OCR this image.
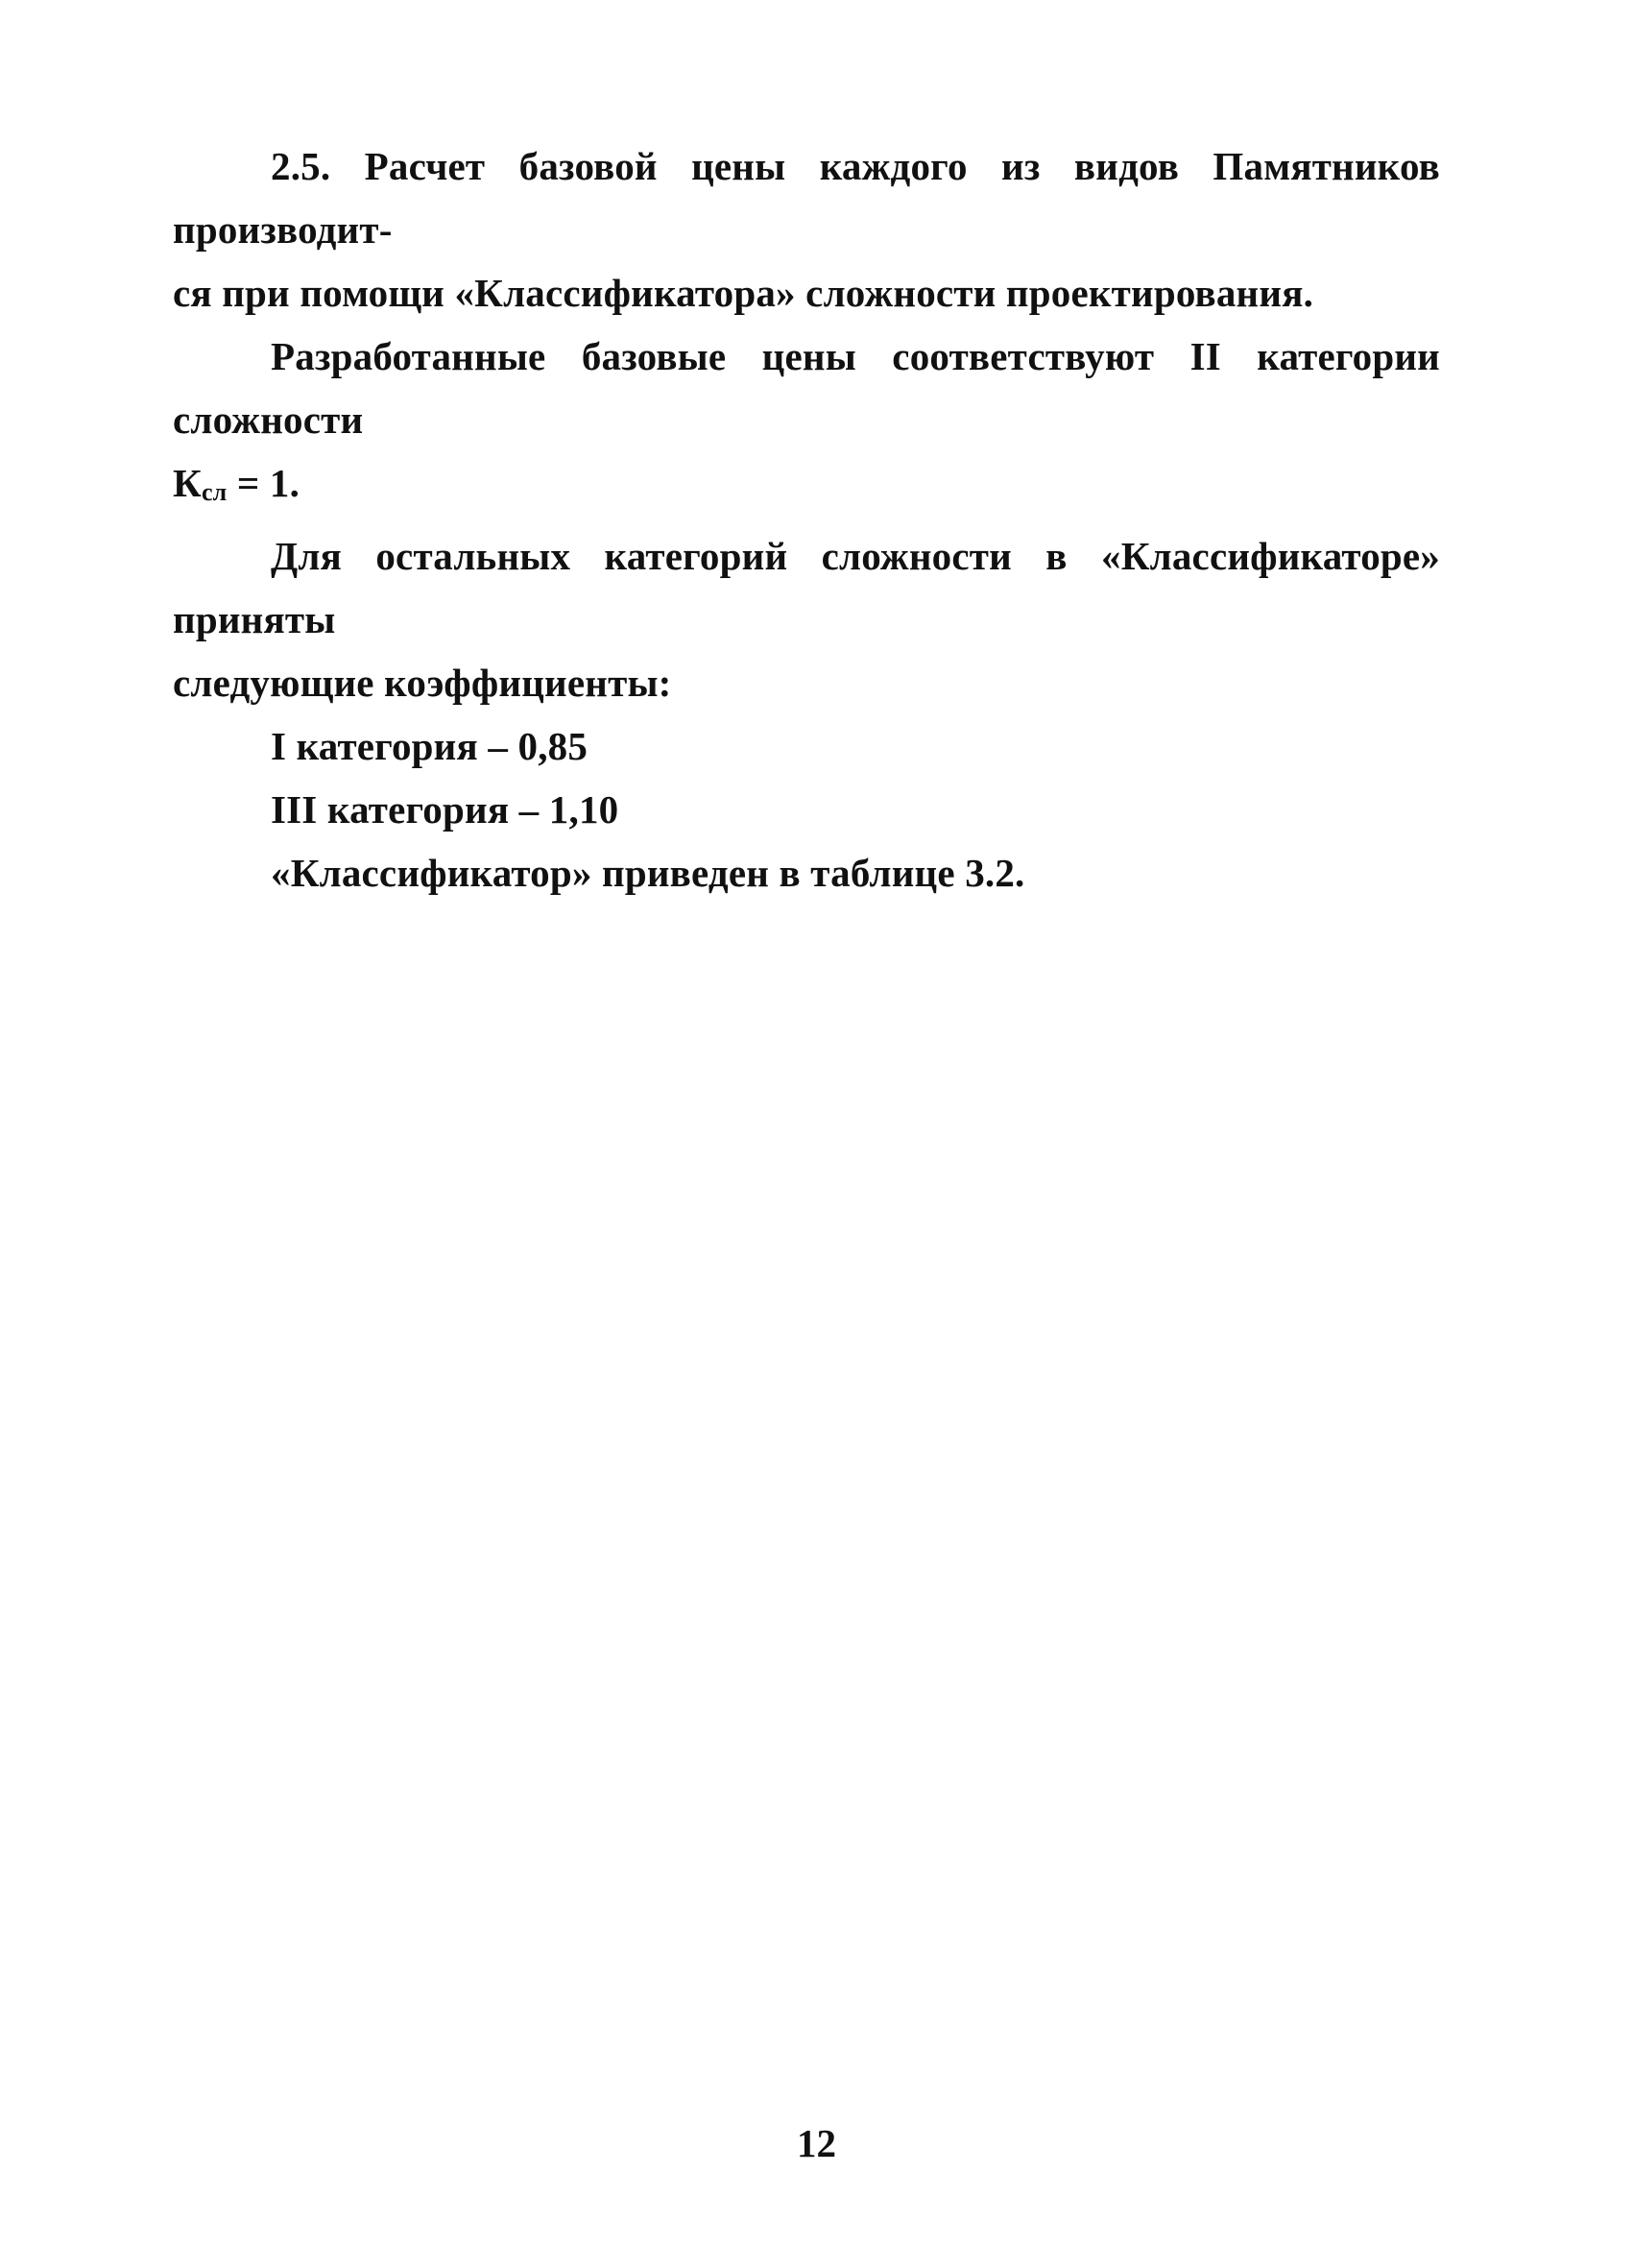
2.5. Расчет базовой цены каждого из видов Памятников производит-

ся при помощи «Классификатора» сложности проектирования.

Разработанные базовые цены соответствуют II категории сложности

Ксл = 1.

Для остальных категорий сложности в «Классификаторе» приняты

следующие коэффициенты:

I категория – 0,85

III категория – 1,10

«Классификатор» приведен в таблице 3.2.

12
